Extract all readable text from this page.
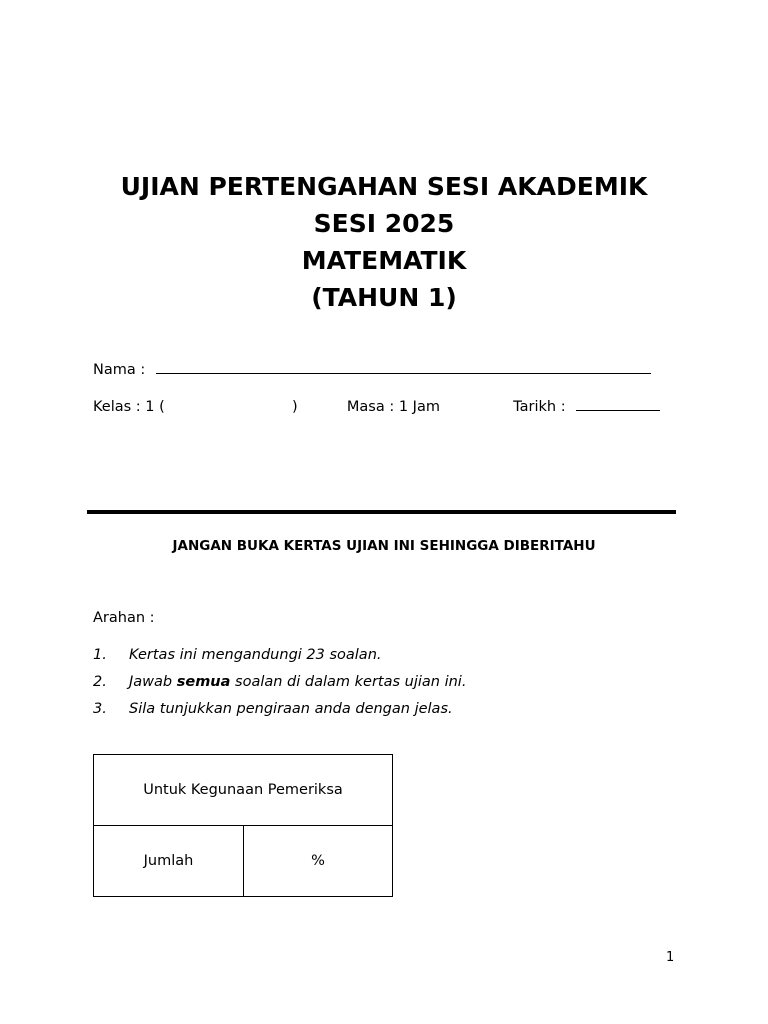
UJIAN PERTENGAHAN SESI AKADEMIK
SESI 2025
MATEMATIK
(TAHUN 1)
Nama :
Kelas : 1 (	)	Masa : 1 Jam	Tarikh :
JANGAN BUKA KERTAS UJIAN INI SEHINGGA DIBERITAHU
Arahan :
1. Kertas ini mengandungi 23 soalan.
2. Jawab semua soalan di dalam kertas ujian ini.
3. Sila tunjukkan pengiraan anda dengan jelas.
Untuk Kegunaan Pemeriksa
Jumlah	%
1
